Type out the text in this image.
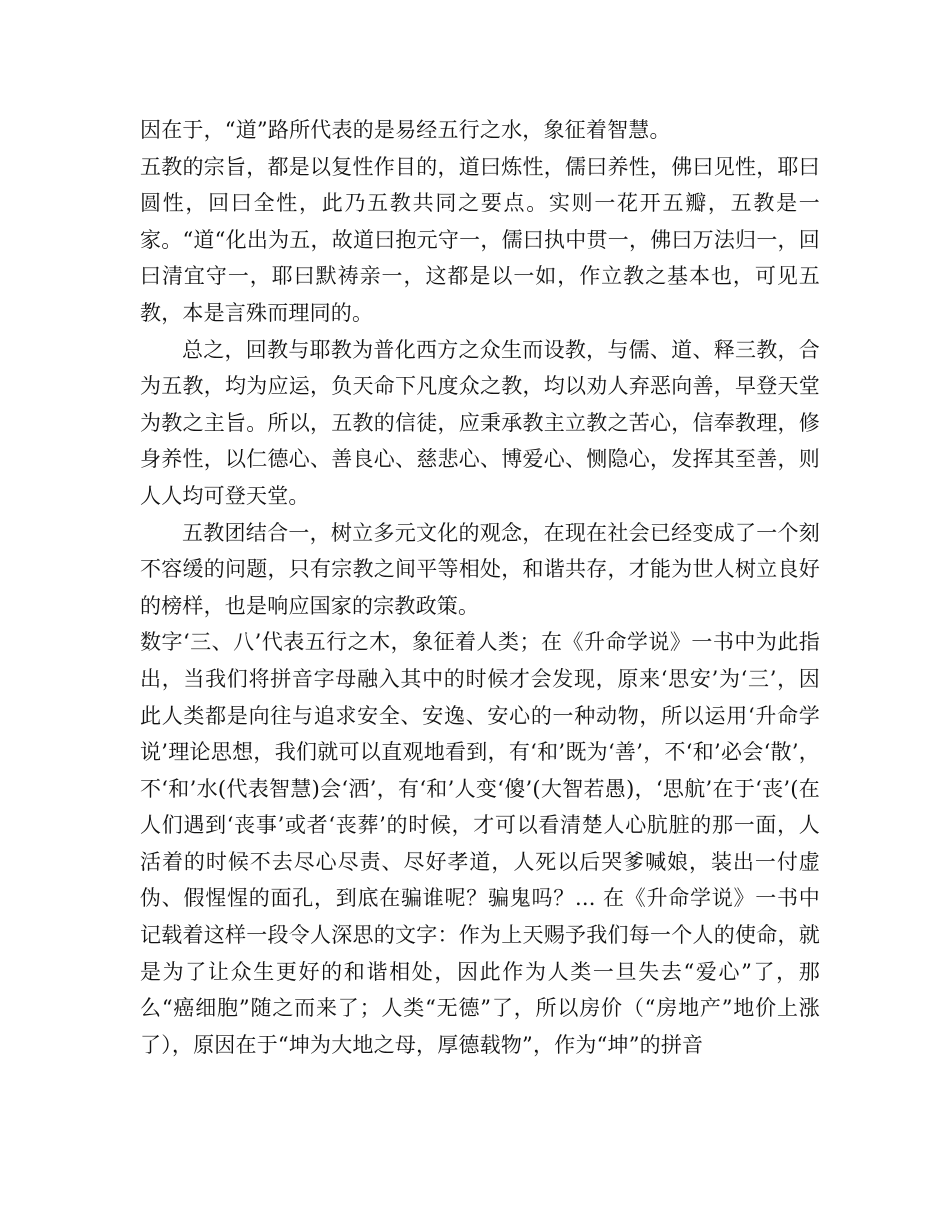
因在于，“道”路所代表的是易经五行之水，象征着智慧。

五教的宗旨，都是以复性作目的，道曰炼性，儒曰养性，佛曰见性，耶曰圆性，回曰全性，此乃五教共同之要点。实则一花开五瓣，五教是一家。“道“化出为五，故道曰抱元守一，儒曰执中贯一，佛曰万法归一，回曰清宜守一，耶曰默祷亲一，这都是以一如，作立教之基本也，可见五教，本是言殊而理同的。

总之，回教与耶教为普化西方之众生而设教，与儒、道、释三教，合为五教，均为应运，负天命下凡度众之教，均以劝人弃恶向善，早登天堂为教之主旨。所以，五教的信徒，应秉承教主立教之苦心，信奉教理，修身养性，以仁德心、善良心、慈悲心、博爱心、恻隐心，发挥其至善，则人人均可登天堂。

五教团结合一，树立多元文化的观念，在现在社会已经变成了一个刻不容缓的问题，只有宗教之间平等相处，和谐共存，才能为世人树立良好的榜样，也是响应国家的宗教政策。

数字‘三、八’代表五行之木，象征着人类；在《升命学说》一书中为此指出，当我们将拼音字母融入其中的时候才会发现，原来‘思安’为‘三’，因此人类都是向往与追求安全、安逸、安心的一种动物，所以运用‘升命学说’理论思想，我们就可以直观地看到，有‘和’既为‘善’，不‘和’必会‘散’，不‘和’水(代表智慧)会‘洒’，有‘和’人变‘傻’(大智若愚)，‘思航’在于‘丧’(在人们遇到‘丧事’或者‘丧葬’的时候，才可以看清楚人心肮脏的那一面，人活着的时候不去尽心尽责、尽好孝道，人死以后哭爹喊娘，装出一付虚伪、假惺惺的面孔，到底在骗谁呢？骗鬼吗？... 在《升命学说》一书中记载着这样一段令人深思的文字：作为上天赐予我们每一个人的使命，就是为了让众生更好的和谐相处，因此作为人类一旦失去“爱心”了，那么“癌细胞”随之而来了；人类“无德”了，所以房价（“房地产”地价上涨了），原因在于“坤为大地之母，厚德载物”，作为“坤”的拼音
